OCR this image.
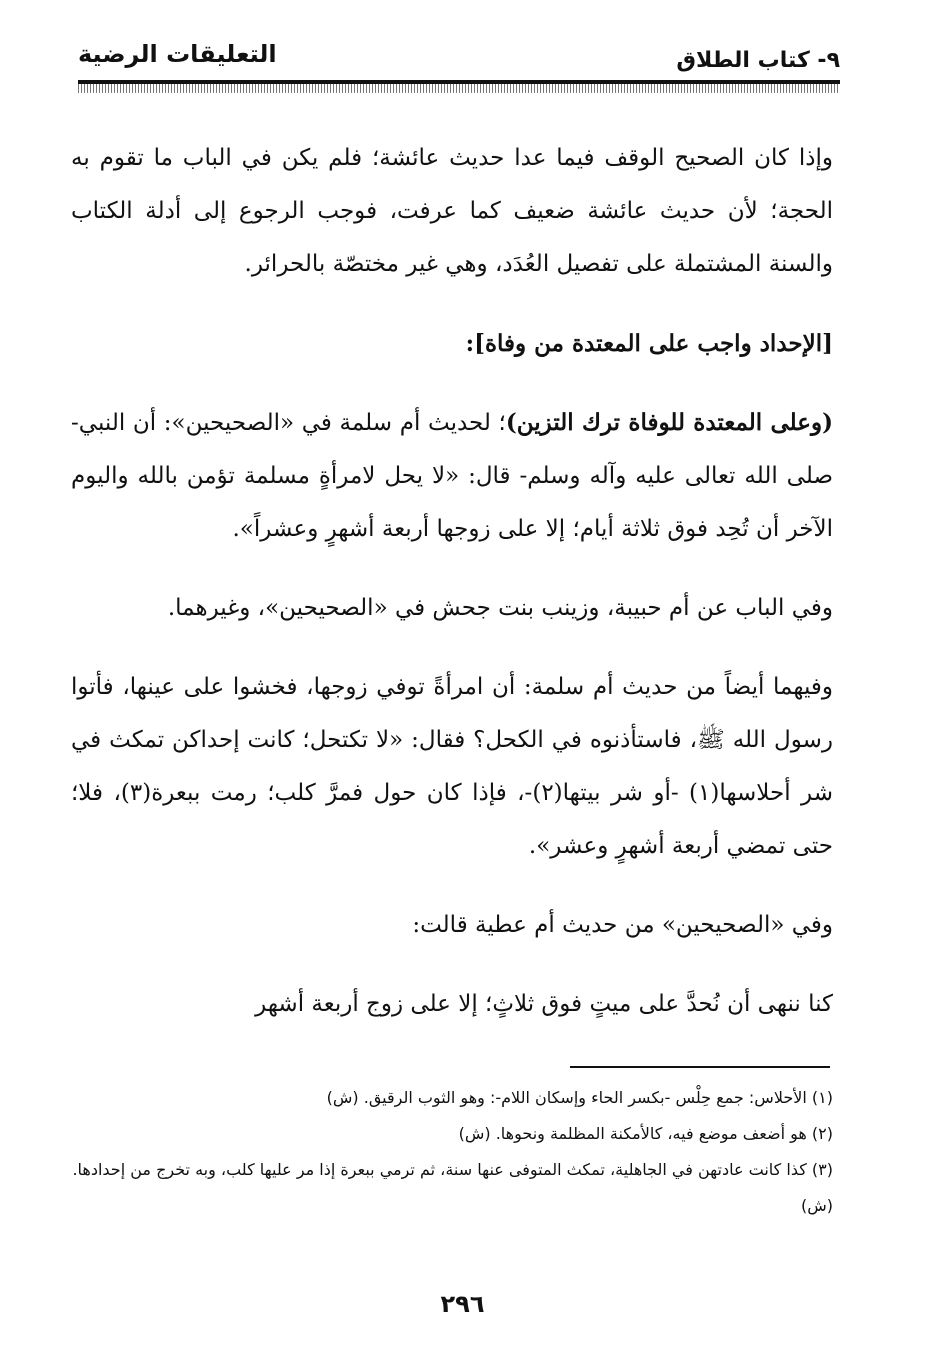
٩- كتاب الطلاق
التعليقات الرضية

وإذا كان الصحيح الوقف فيما عدا حديث عائشة؛ فلم يكن في الباب ما تقوم به الحجة؛ لأن حديث عائشة ضعيف كما عرفت، فوجب الرجوع إلى أدلة الكتاب والسنة المشتملة على تفصيل العُدَد، وهي غير مختصّة بالحرائر.

[الإحداد واجب على المعتدة من وفاة]:

(وعلى المعتدة للوفاة ترك التزين)؛ لحديث أم سلمة في «الصحيحين»: أن النبي- صلى الله تعالى عليه وآله وسلم- قال: «لا يحل لامرأةٍ مسلمة تؤمن بالله واليوم الآخر أن تُحِد فوق ثلاثة أيام؛ إلا على زوجها أربعة أشهرٍ وعشراً».

وفي الباب عن أم حبيبة، وزينب بنت جحش في «الصحيحين»، وغيرهما.

وفيهما أيضاً من حديث أم سلمة: أن امرأةً توفي زوجها، فخشوا على عينها، فأتوا رسول الله ﷺ، فاستأذنوه في الكحل؟ فقال: «لا تكتحل؛ كانت إحداكن تمكث في شر أحلاسها(١) -أو شر بيتها(٢)-، فإذا كان حول فمرَّ كلب؛ رمت ببعرة(٣)، فلا؛ حتى تمضي أربعة أشهرٍ وعشر».

وفي «الصحيحين» من حديث أم عطية قالت:

كنا ننهى أن نُحدَّ على ميتٍ فوق ثلاثٍ؛ إلا على زوج أربعة أشهر

(١) الأحلاس: جمع حِلْس -بكسر الحاء وإسكان اللام-: وهو الثوب الرقيق. (ش)

(٢) هو أضعف موضع فيه، كالأمكنة المظلمة ونحوها. (ش)

(٣) كذا كانت عادتهن في الجاهلية، تمكث المتوفى عنها سنة، ثم ترمي ببعرة إذا مر عليها كلب، وبه تخرج من إحدادها. (ش)

٢٩٦
